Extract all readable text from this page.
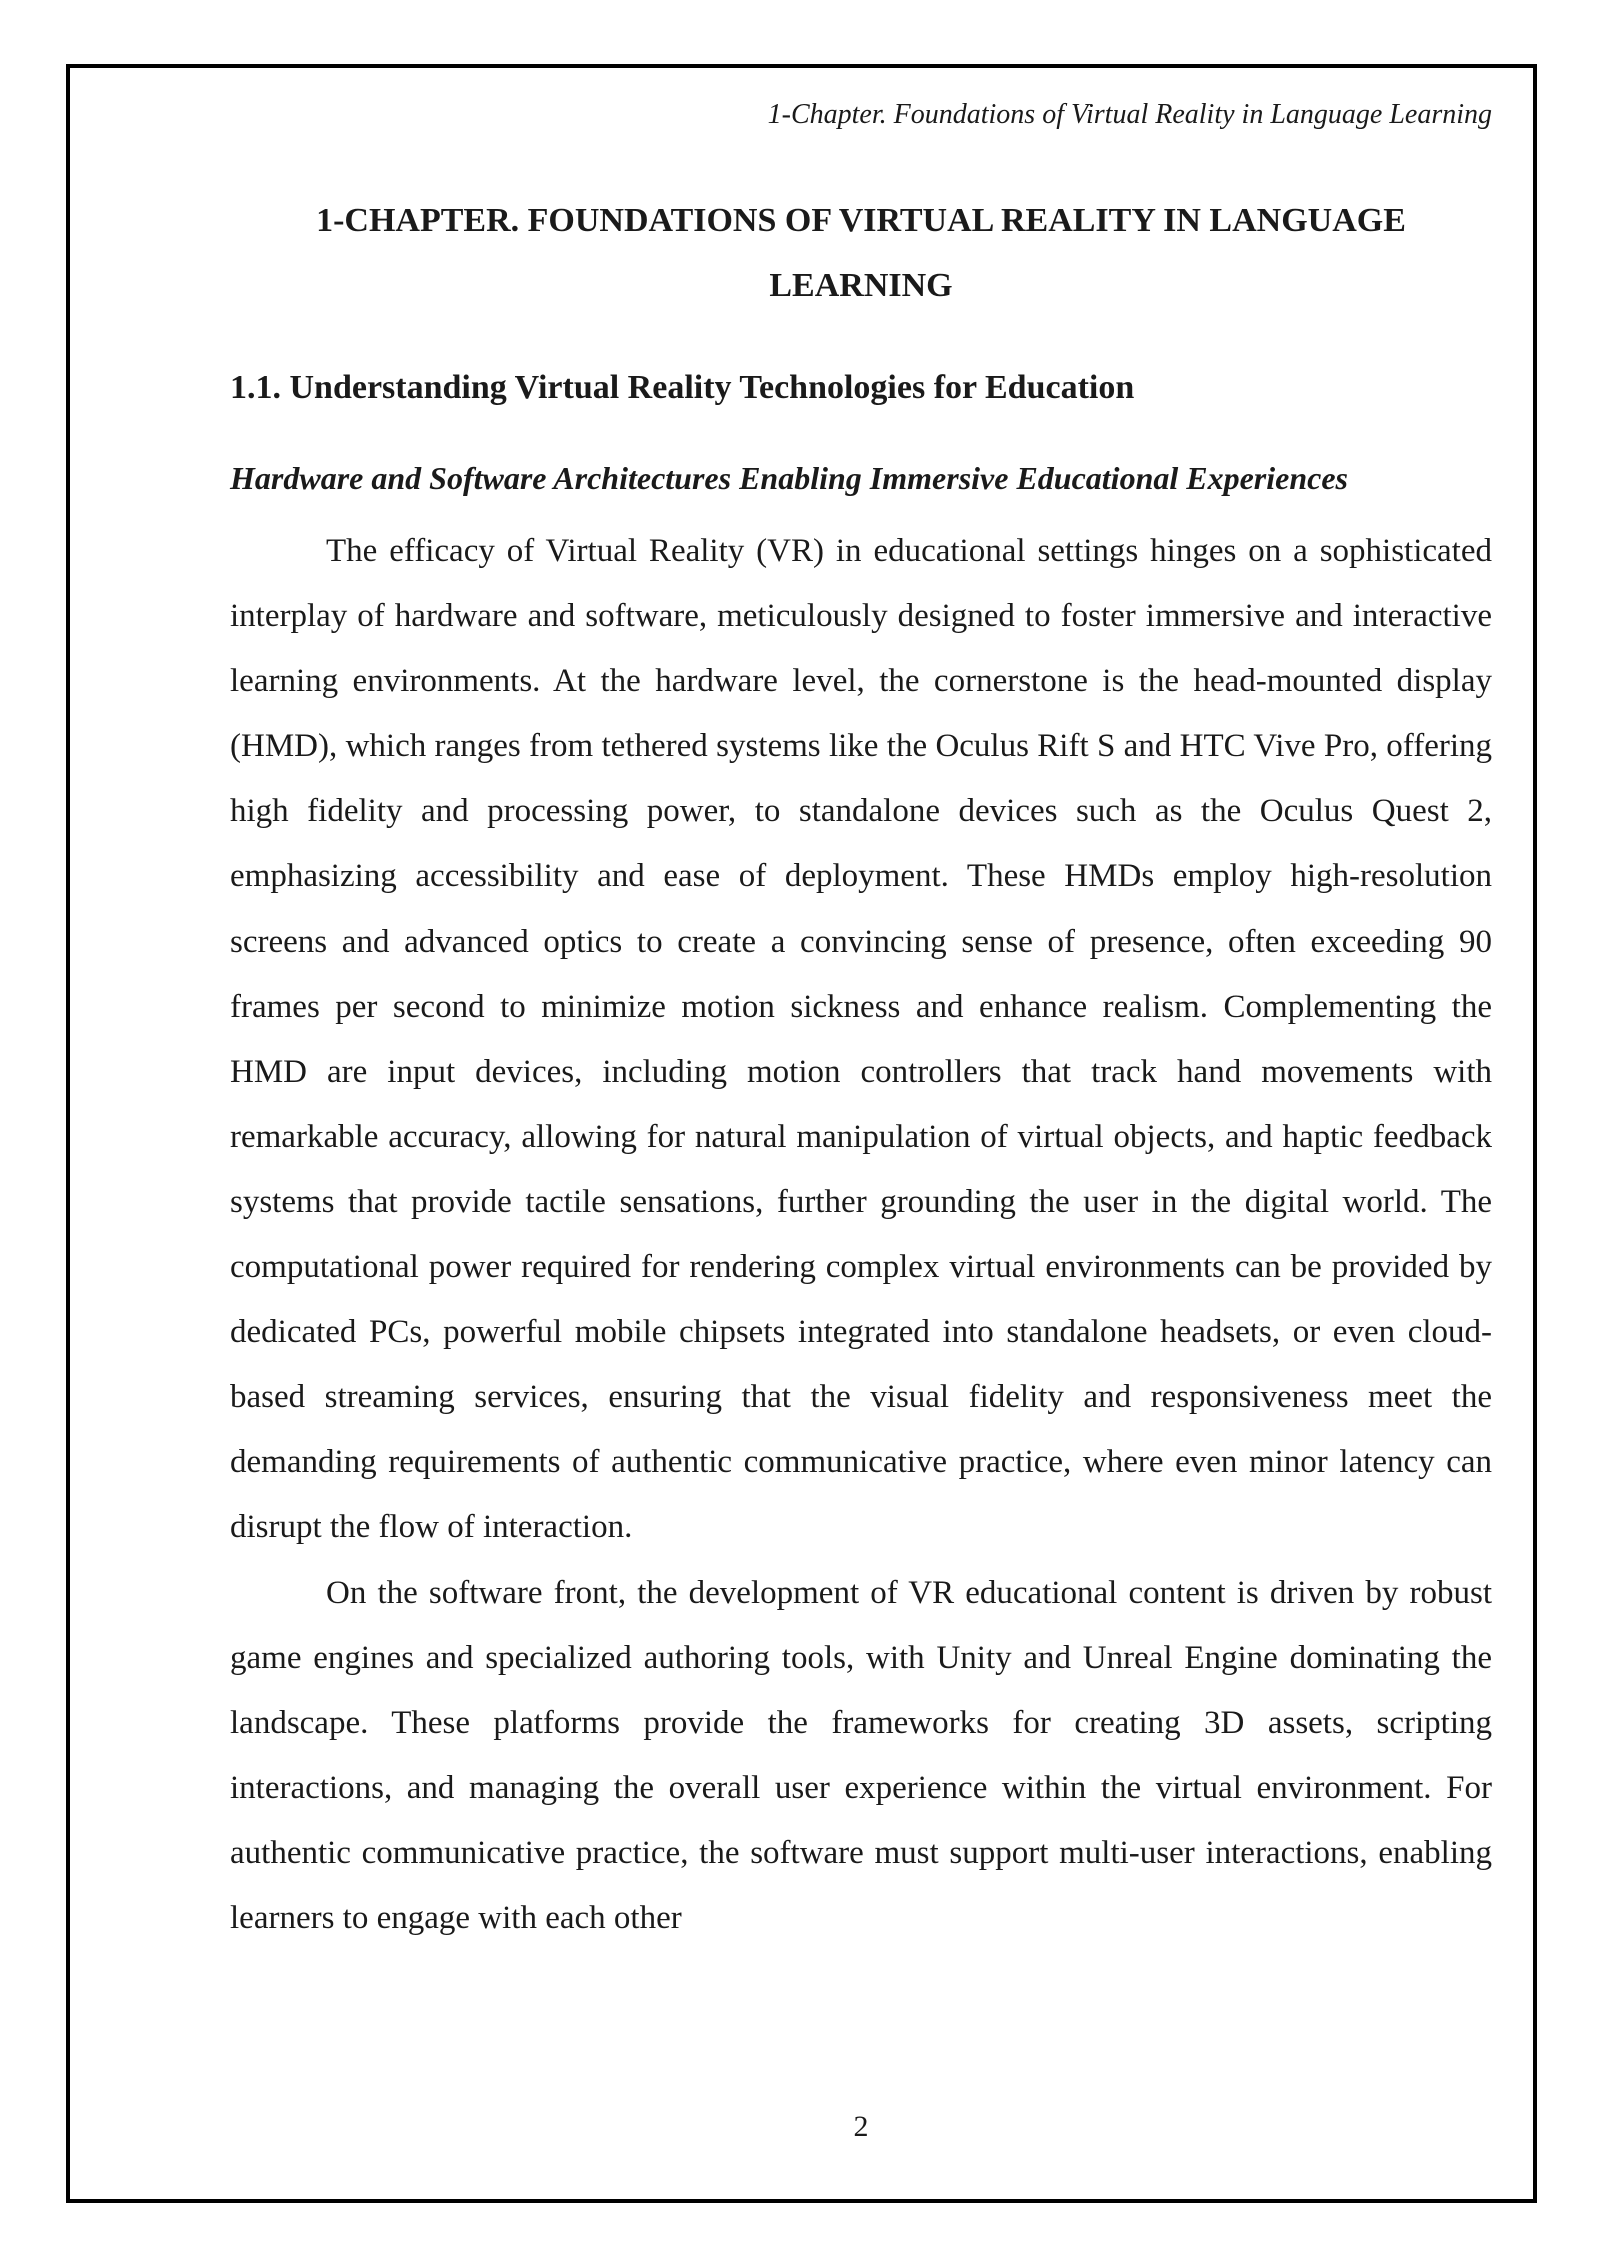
1-Chapter. Foundations of Virtual Reality in Language Learning
1-CHAPTER. FOUNDATIONS OF VIRTUAL REALITY IN LANGUAGE
LEARNING
1.1. Understanding Virtual Reality Technologies for Education
Hardware and Software Architectures Enabling Immersive Educational Experiences

The efficacy of Virtual Reality (VR) in educational settings hinges on a sophisticated interplay of hardware and software, meticulously designed to foster immersive and interactive learning environments. At the hardware level, the cornerstone is the head-mounted display (HMD), which ranges from tethered systems like the Oculus Rift S and HTC Vive Pro, offering high fidelity and processing power, to standalone devices such as the Oculus Quest 2, emphasizing accessibility and ease of deployment. These HMDs employ high-resolution screens and advanced optics to create a convincing sense of presence, often exceeding 90 frames per second to minimize motion sickness and enhance realism. Complementing the HMD are input devices, including motion controllers that track hand movements with remarkable accuracy, allowing for natural manipulation of virtual objects, and haptic feedback systems that provide tactile sensations, further grounding the user in the digital world. The computational power required for rendering complex virtual environments can be provided by dedicated PCs, powerful mobile chipsets integrated into standalone headsets, or even cloud-based streaming services, ensuring that the visual fidelity and responsiveness meet the demanding requirements of authentic communicative practice, where even minor latency can disrupt the flow of interaction.

On the software front, the development of VR educational content is driven by robust game engines and specialized authoring tools, with Unity and Unreal Engine dominating the landscape. These platforms provide the frameworks for creating 3D assets, scripting interactions, and managing the overall user experience within the virtual environment. For authentic communicative practice, the software must support multi-user interactions, enabling learners to engage with each other

2
